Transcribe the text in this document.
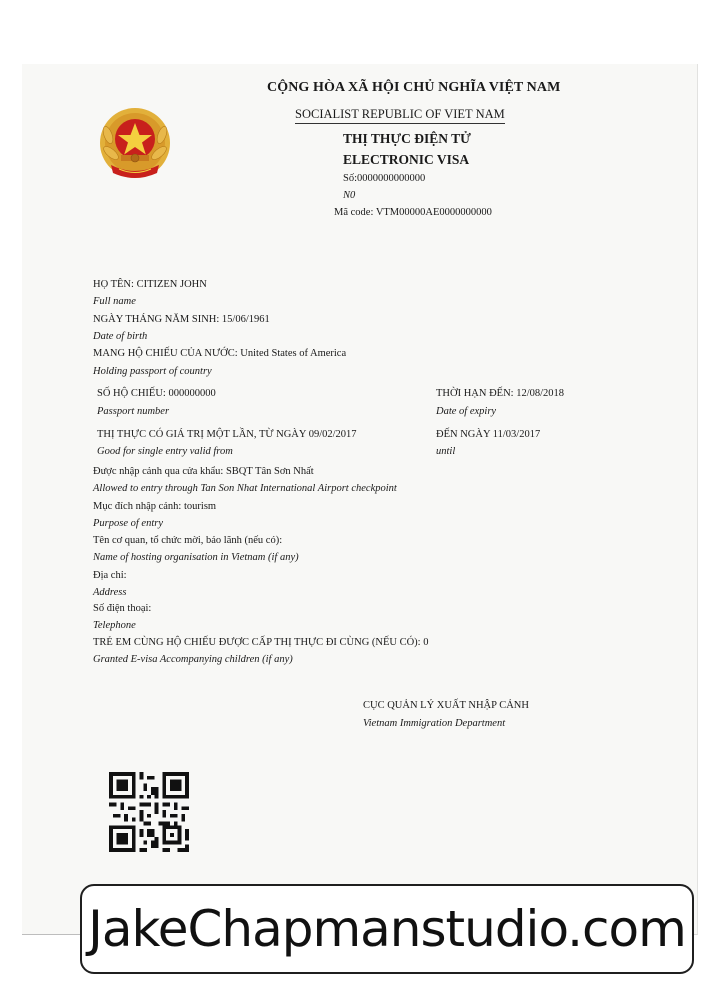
CỘNG HÒA XÃ HỘI CHỦ NGHĨA VIỆT NAM
SOCIALIST REPUBLIC OF VIET NAM
THỊ THỰC ĐIỆN TỬ
ELECTRONIC VISA
Số:0000000000000
N0
Mã code: VTM00000AE0000000000
HỌ TÊN: CITIZEN JOHN
Full name
NGÀY THÁNG NĂM SINH: 15/06/1961
Date of birth
MANG HỘ CHIẾU CỦA NƯỚC: United States of America
Holding passport of country
SỐ HỘ CHIẾU: 000000000
Passport number
THỜI HẠN ĐẾN: 12/08/2018
Date of expiry
THỊ THỰC CÓ GIÁ TRỊ MỘT LẦN, TỪ NGÀY 09/02/2017
Good for single entry valid from
ĐẾN NGÀY 11/03/2017
until
Được nhập cảnh qua cửa khẩu: SBQT Tân Sơn Nhất
Allowed to entry through Tan Son Nhat International Airport checkpoint
Mục đích nhập cảnh: tourism
Purpose of entry
Tên cơ quan, tổ chức mời, bảo lãnh (nếu có):
Name of hosting organisation in Vietnam (if any)
Địa chỉ:
Address
Số điện thoại:
Telephone
TRẺ EM CÙNG HỘ CHIẾU ĐƯỢC CẤP THỊ THỰC ĐI CÙNG (NẾU CÓ): 0
Granted E-visa Accompanying children (if any)
CỤC QUẢN LÝ XUẤT NHẬP CẢNH
Vietnam Immigration Department
JakeChapmanstudio.com
